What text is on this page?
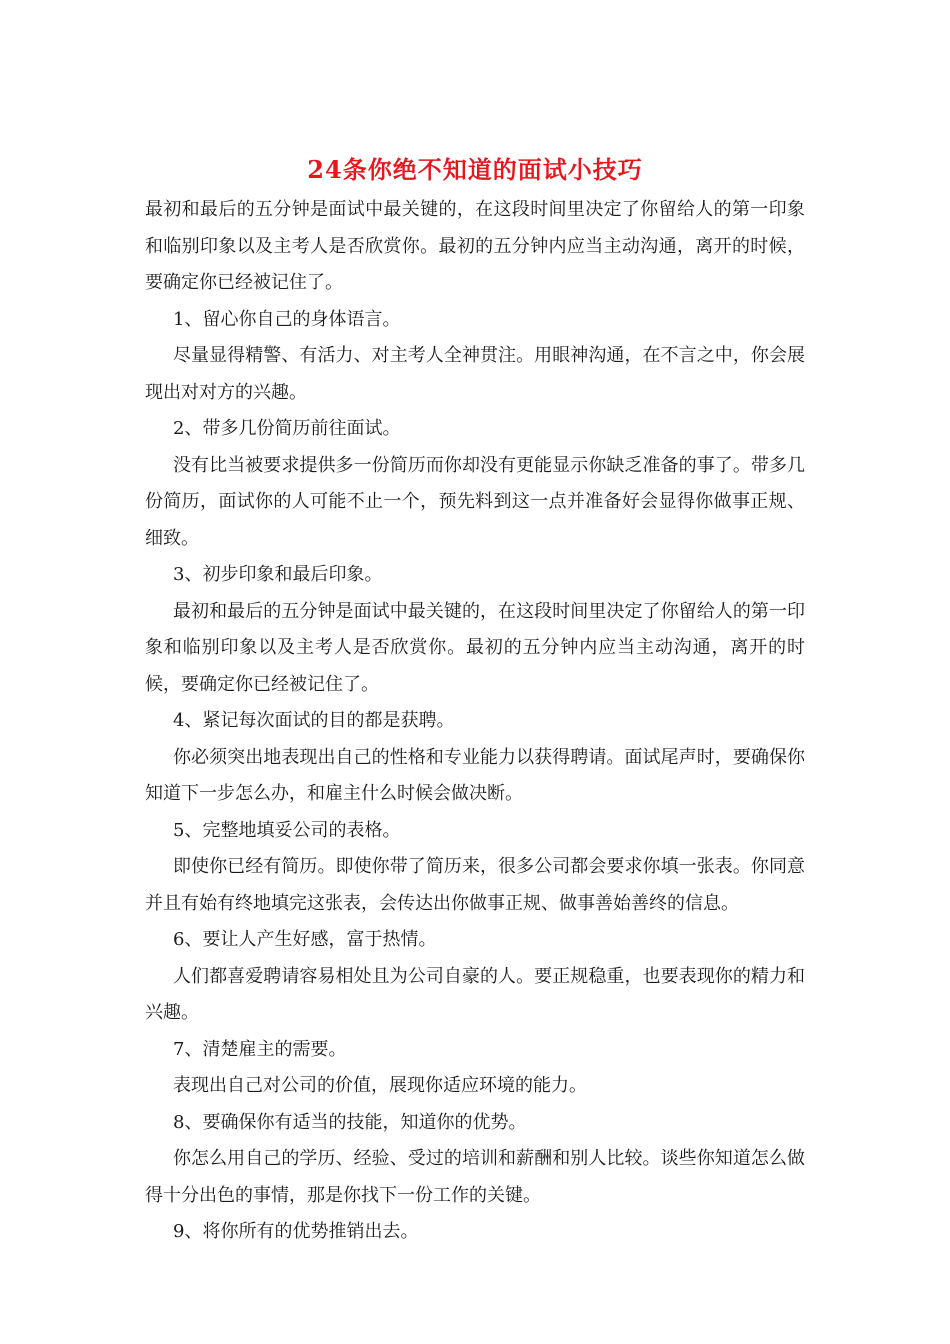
24条你绝不知道的面试小技巧

最初和最后的五分钟是面试中最关键的，在这段时间里决定了你留给人的第一印象和临别印象以及主考人是否欣赏你。最初的五分钟内应当主动沟通，离开的时候，要确定你已经被记住了。

1、留心你自己的身体语言。

尽量显得精警、有活力、对主考人全神贯注。用眼神沟通，在不言之中，你会展现出对对方的兴趣。

2、带多几份简历前往面试。

没有比当被要求提供多一份简历而你却没有更能显示你缺乏准备的事了。带多几份简历，面试你的人可能不止一个，预先料到这一点并准备好会显得你做事正规、细致。

3、初步印象和最后印象。

最初和最后的五分钟是面试中最关键的，在这段时间里决定了你留给人的第一印象和临别印象以及主考人是否欣赏你。最初的五分钟内应当主动沟通，离开的时候，要确定你已经被记住了。

4、紧记每次面试的目的都是获聘。

你必须突出地表现出自己的性格和专业能力以获得聘请。面试尾声时，要确保你知道下一步怎么办，和雇主什么时候会做决断。

5、完整地填妥公司的表格。

即使你已经有简历。即使你带了简历来，很多公司都会要求你填一张表。你同意并且有始有终地填完这张表，会传达出你做事正规、做事善始善终的信息。

6、要让人产生好感，富于热情。

人们都喜爱聘请容易相处且为公司自豪的人。要正规稳重，也要表现你的精力和兴趣。

7、清楚雇主的需要。

表现出自己对公司的价值，展现你适应环境的能力。

8、要确保你有适当的技能，知道你的优势。

你怎么用自己的学历、经验、受过的培训和薪酬和别人比较。谈些你知道怎么做得十分出色的事情，那是你找下一份工作的关键。

9、将你所有的优势推销出去。
